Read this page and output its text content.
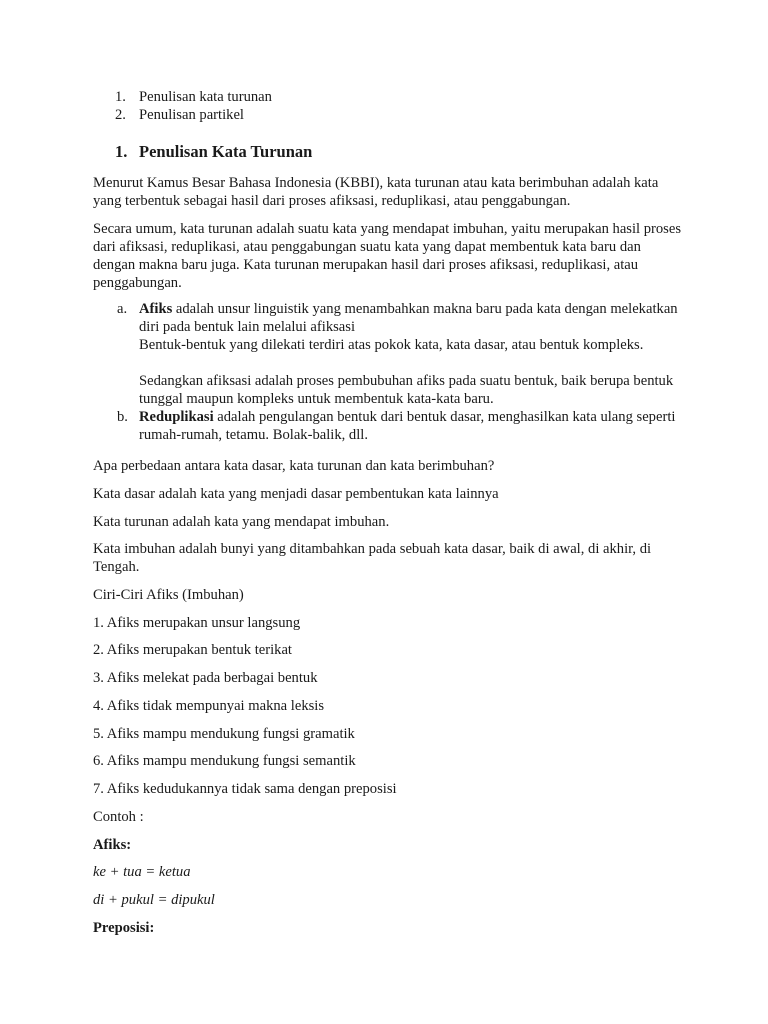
1. Penulisan kata turunan
2. Penulisan partikel
1. Penulisan Kata Turunan

Menurut Kamus Besar Bahasa Indonesia (KBBI), kata turunan atau kata berimbuhan adalah kata yang terbentuk sebagai hasil dari proses afiksasi, reduplikasi, atau penggabungan.

Secara umum, kata turunan adalah suatu kata yang mendapat imbuhan, yaitu merupakan hasil proses dari afiksasi, reduplikasi, atau penggabungan suatu kata yang dapat membentuk kata baru dan dengan makna baru juga. Kata turunan merupakan hasil dari proses afiksasi, reduplikasi, atau penggabungan.

a. Afiks adalah unsur linguistik yang menambahkan makna baru pada kata dengan melekatkan diri pada bentuk lain melalui afiksasi
Bentuk-bentuk yang dilekati terdiri atas pokok kata, kata dasar, atau bentuk kompleks.
Sedangkan afiksasi adalah proses pembubuhan afiks pada suatu bentuk, baik berupa bentuk tunggal maupun kompleks untuk membentuk kata-kata baru.
b. Reduplikasi adalah pengulangan bentuk dari bentuk dasar, menghasilkan kata ulang seperti rumah-rumah, tetamu. Bolak-balik, dll.

Apa perbedaan antara kata dasar, kata turunan dan kata berimbuhan?

Kata dasar adalah kata yang menjadi dasar pembentukan kata lainnya

Kata turunan adalah kata yang mendapat imbuhan.

Kata imbuhan adalah bunyi yang ditambahkan pada sebuah kata dasar, baik di awal, di akhir, di Tengah.

Ciri-Ciri Afiks (Imbuhan)

1. Afiks merupakan unsur langsung

2. Afiks merupakan bentuk terikat

3. Afiks melekat pada berbagai bentuk

4. Afiks tidak mempunyai makna leksis

5. Afiks mampu mendukung fungsi gramatik

6. Afiks mampu mendukung fungsi semantik

7. Afiks kedudukannya tidak sama dengan preposisi

Contoh :

Afiks:

ke + tua = ketua

di + pukul = dipukul

Preposisi:
